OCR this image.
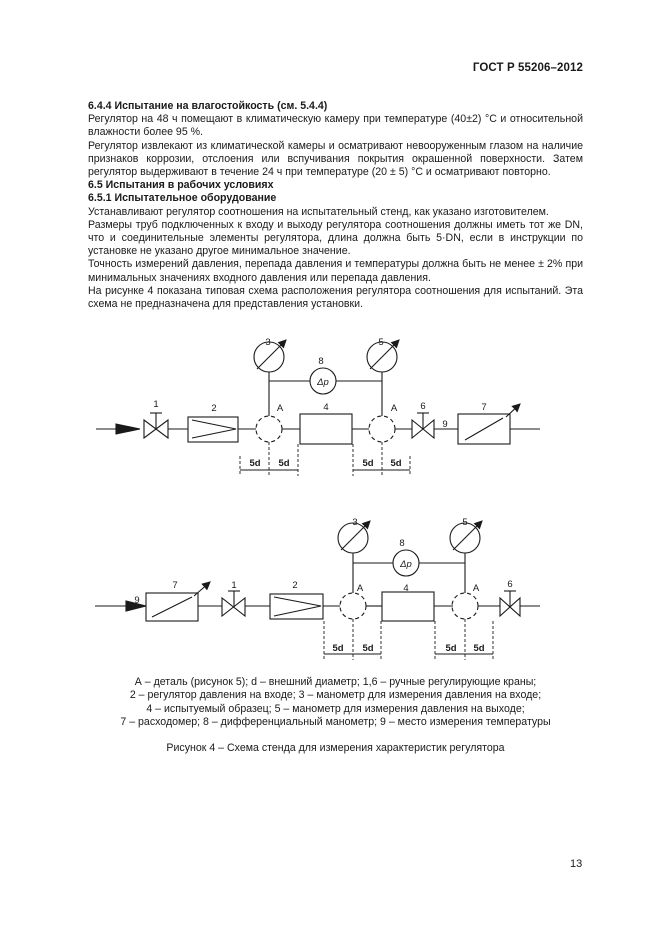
ГОСТ Р 55206–2012

6.4.4 Испытание на влагостойкость (см. 5.4.4)

Регулятор на 48 ч помещают в климатическую камеру при температуре (40±2) °С и относительной влажности более 95 %.

Регулятор извлекают из климатической камеры и осматривают невооруженным глазом на наличие признаков коррозии, отслоения или вспучивания покрытия окрашенной поверхности. Затем регулятор выдерживают в течение 24 ч при температуре (20 ± 5) °С и осматривают повторно.

6.5 Испытания в рабочих условиях

6.5.1 Испытательное оборудование

Устанавливают регулятор соотношения на испытательный стенд, как указано изготовителем.

Размеры труб подключенных к входу и выходу регулятора соотношения должны иметь тот же DN, что и соединительные элементы регулятора, длина должна быть 5·DN, если в инструкции по установке не указано другое минимальное значение.

Точность измерений давления, перепада давления и температуры должна быть не менее ± 2% при минимальных значениях входного давления или перепада давления.

На рисунке 4 показана типовая схема расположения регулятора соотношения для испытаний. Эта схема не предназначена для представления установки.

1	2
3	5
8
Δp
4
A	A 6
9
7
5d 5d	5d 5d
9
7	1	2
3	5
8
Δp
4
A	A	6
5d 5d	5d 5d
А – деталь (рисунок 5); d – внешний диаметр; 1,6 – ручные регулирующие краны;
2 – регулятор давления на входе; 3 – манометр для измерения давления на входе;
4 – испытуемый образец; 5 – манометр для измерения давления на выходе;
7 – расходомер; 8 – дифференциальный манометр; 9 – место измерения температуры
Рисунок 4 – Схема стенда для измерения характеристик регулятора
13
